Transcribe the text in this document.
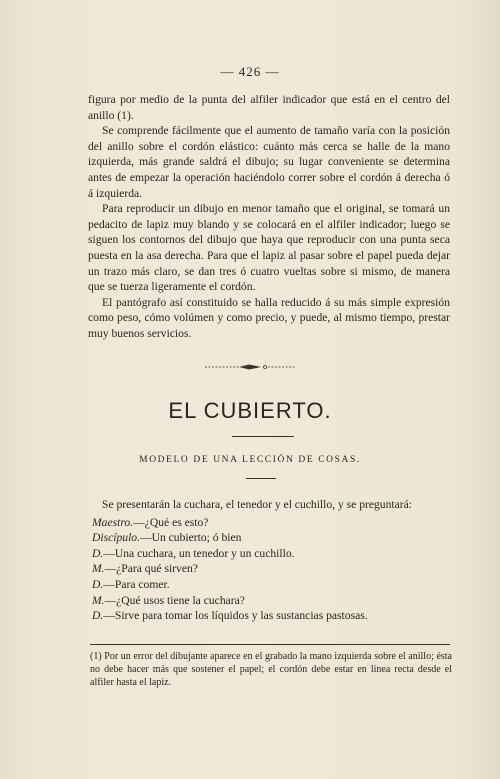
— 426 —

figura por medio de la punta del alfiler indicador que está en el centro del anillo (1).

Se comprende fácilmente que el aumento de tamaño varía con la posición del anillo sobre el cordón elástico: cuánto más cerca se halle de la mano izquierda, más grande saldrá el dibujo; su lugar conveniente se determina antes de empezar la operación haciéndolo correr sobre el cordón á derecha ó á izquierda.

Para reproducir un dibujo en menor tamaño que el original, se tomará un pedacito de lapiz muy blando y se colocará en el alfiler indicador; luego se siguen los contornos del dibujo que haya que reproducir con una punta seca puesta en la asa derecha. Para que el lapiz al pasar sobre el papel pueda dejar un trazo más claro, se dan tres ó cuatro vueltas sobre si mismo, de manera que se tuerza ligeramente el cordón.

El pantógrafo así constituido se halla reducido á su más simple expresión como peso, cómo volúmen y como precio, y puede, al mismo tiempo, prestar muy buenos servicios.

EL CUBIERTO.
MODELO DE UNA LECCIÓN DE COSAS.

Se presentarán la cuchara, el tenedor y el cuchillo, y se preguntará:

Maestro.—¿Qué es esto?

Discípulo.—Un cubierto; ó bien

D.—Una cuchara, un tenedor y un cuchillo.

M.—¿Para qué sirven?

D.—Para comer.

M.—¿Qué usos tiene la cuchara?

D.—Sirve para tomar los líquidos y las sustancias pastosas.

(1) Por un error del dibujante aparece en el grabado la mano izquierda sobre el anillo; ésta no debe hacer más que sostener el papel; el cordón debe estar en línea recta desde el alfiler hasta el lapiz.
